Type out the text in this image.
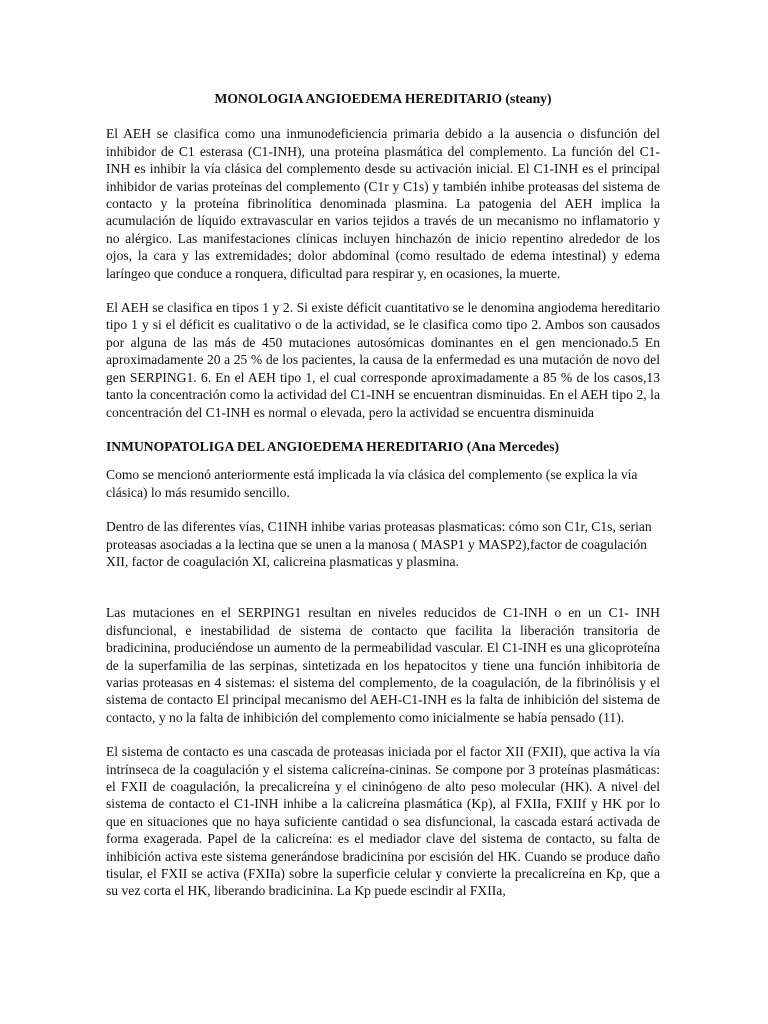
MONOLOGIA ANGIOEDEMA HEREDITARIO (steany)

El AEH se clasifica como una inmunodeficiencia primaria debido a la ausencia o disfunción del inhibidor de C1 esterasa (C1-INH), una proteína plasmática del complemento. La función del C1-INH es inhibir la vía clásica del complemento desde su activación inicial. El C1-INH es el principal inhibidor de varias proteínas del complemento (C1r y C1s) y también inhibe proteasas del sistema de contacto y la proteína fibrinolítica denominada plasmina. La patogenia del AEH implica la acumulación de líquido extravascular en varios tejidos a través de un mecanismo no inflamatorio y no alérgico. Las manifestaciones clínicas incluyen hinchazón de inicio repentino alrededor de los ojos, la cara y las extremidades; dolor abdominal (como resultado de edema intestinal) y edema laríngeo que conduce a ronquera, dificultad para respirar y, en ocasiones, la muerte.

El AEH se clasifica en tipos 1 y 2. Si existe déficit cuantitativo se le denomina angiodema hereditario tipo 1 y si el déficit es cualitativo o de la actividad, se le clasifica como tipo 2. Ambos son causados por alguna de las más de 450 mutaciones autosómicas dominantes en el gen mencionado.5 En aproximadamente 20 a 25 % de los pacientes, la causa de la enfermedad es una mutación de novo del gen SERPING1. 6. En el AEH tipo 1, el cual corresponde aproximadamente a 85 % de los casos,13 tanto la concentración como la actividad del C1-INH se encuentran disminuidas. En el AEH tipo 2, la concentración del C1-INH es normal o elevada, pero la actividad se encuentra disminuida

INMUNOPATOLIGA DEL ANGIOEDEMA HEREDITARIO (Ana Mercedes)

Como se mencionó anteriormente está implicada la vía clásica del complemento (se explica la vía clásica) lo más resumido sencillo.

Dentro de las diferentes vías, C1INH inhibe varias proteasas plasmaticas: cómo son C1r, C1s, serian proteasas asociadas a la lectina que se unen a la manosa ( MASP1 y MASP2),factor de coagulación XII, factor de coagulación XI, calicreina plasmaticas y plasmina.

Las mutaciones en el SERPING1 resultan en niveles reducidos de C1-INH o en un C1- INH disfuncional, e inestabilidad de sistema de contacto que facilita la liberación transitoria de bradicinina, produciéndose un aumento de la permeabilidad vascular. El C1-INH es una glicoproteína de la superfamilia de las serpinas, sintetizada en los hepatocitos y tiene una función inhibitoria de varias proteasas en 4 sistemas: el sistema del complemento, de la coagulación, de la fibrinólisis y el sistema de contacto El principal mecanismo del AEH-C1-INH es la falta de inhibición del sistema de contacto, y no la falta de inhibición del complemento como inicialmente se había pensado (11).

El sistema de contacto es una cascada de proteasas iniciada por el factor XII (FXII), que activa la vía intrínseca de la coagulación y el sistema calicreína-cininas. Se compone por 3 proteínas plasmáticas: el FXII de coagulación, la precalicreína y el cininógeno de alto peso molecular (HK). A nivel del sistema de contacto el C1-INH inhibe a la calicreína plasmática (Kp), al FXIIa, FXIIf y HK por lo que en situaciones que no haya suficiente cantidad o sea disfuncional, la cascada estará activada de forma exagerada. Papel de la calicreína: es el mediador clave del sistema de contacto, su falta de inhibición activa este sistema generándose bradicinina por escisión del HK. Cuando se produce daño tisular, el FXII se activa (FXIIa) sobre la superficie celular y convierte la precalicreína en Kp, que a su vez corta el HK, liberando bradicinina. La Kp puede escindir al FXIIa,
